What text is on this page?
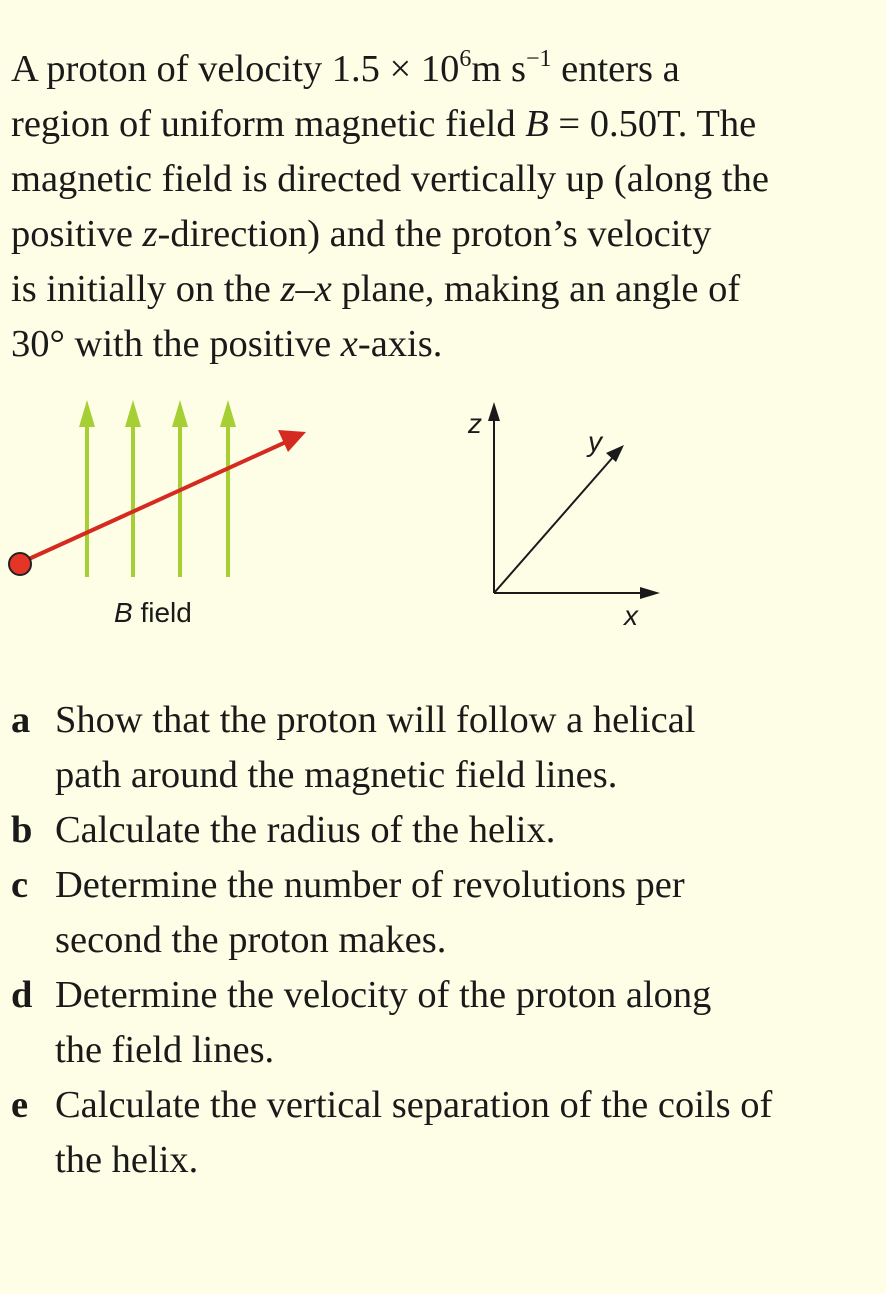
A proton of velocity $1.5 \times 10^6m$ $s^{-1}$ enters a
region of uniform magnetic field B = 0.50T. The
magnetic field is directed vertically up (along the
positive z-direction) and the proton’s velocity
is initially on the z–x plane, making an angle of
30° with the positive x-axis.
B field
z
y
x
a Show that the proton will follow a helical
path around the magnetic field lines.
b Calculate the radius of the helix.
c Determine the number of revolutions per
second the proton makes.
d Determine the velocity of the proton along
the field lines.
e Calculate the vertical separation of the coils of
the helix.
